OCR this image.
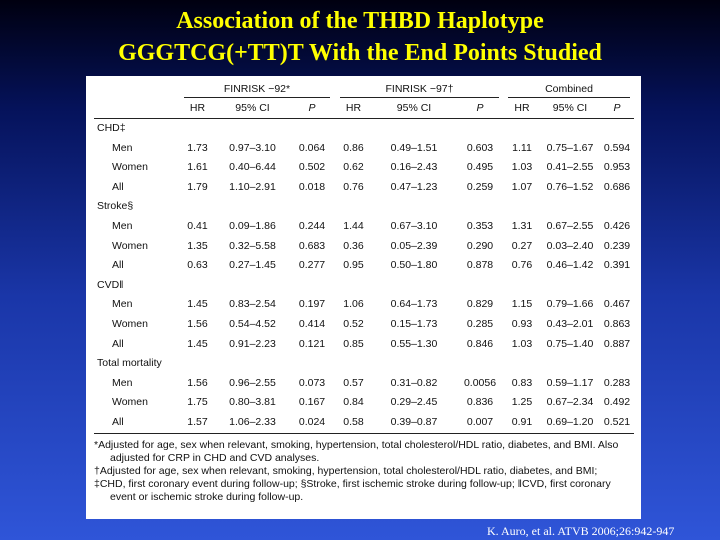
Association of the THBD Haplotype
GGGTCG(+TT)T With the End Points Studied
	FINRISK −92*			FINRISK −97†			Combined		
	HR	95% CI	P	HR	95% CI	P	HR	95% CI	P
CHD‡									
Men	1.73	0.97–3.10	0.064	0.86	0.49–1.51	0.603	1.11	0.75–1.67	0.594
Women	1.61	0.40–6.44	0.502	0.62	0.16–2.43	0.495	1.03	0.41–2.55	0.953
All	1.79	1.10–2.91	0.018	0.76	0.47–1.23	0.259	1.07	0.76–1.52	0.686
Stroke§									
Men	0.41	0.09–1.86	0.244	1.44	0.67–3.10	0.353	1.31	0.67–2.55	0.426
Women	1.35	0.32–5.58	0.683	0.36	0.05–2.39	0.290	0.27	0.03–2.40	0.239
All	0.63	0.27–1.45	0.277	0.95	0.50–1.80	0.878	0.76	0.46–1.42	0.391
CVD‖									
Men	1.45	0.83–2.54	0.197	1.06	0.64–1.73	0.829	1.15	0.79–1.66	0.467
Women	1.56	0.54–4.52	0.414	0.52	0.15–1.73	0.285	0.93	0.43–2.01	0.863
All	1.45	0.91–2.23	0.121	0.85	0.55–1.30	0.846	1.03	0.75–1.40	0.887
Total mortality									
Men	1.56	0.96–2.55	0.073	0.57	0.31–0.82	0.0056	0.83	0.59–1.17	0.283
Women	1.75	0.80–3.81	0.167	0.84	0.29–2.45	0.836	1.25	0.67–2.34	0.492
All	1.57	1.06–2.33	0.024	0.58	0.39–0.87	0.007	0.91	0.69–1.20	0.521

*Adjusted for age, sex when relevant, smoking, hypertension, total cholesterol/HDL ratio, diabetes, and BMI. Also adjusted for CRP in CHD and CVD analyses.

†Adjusted for age, sex when relevant, smoking, hypertension, total cholesterol/HDL ratio, diabetes, and BMI;

‡CHD, first coronary event during follow-up; §Stroke, first ischemic stroke during follow-up; ‖CVD, first coronary event or ischemic stroke during follow-up.

K. Auro, et al. ATVB 2006;26:942-947
